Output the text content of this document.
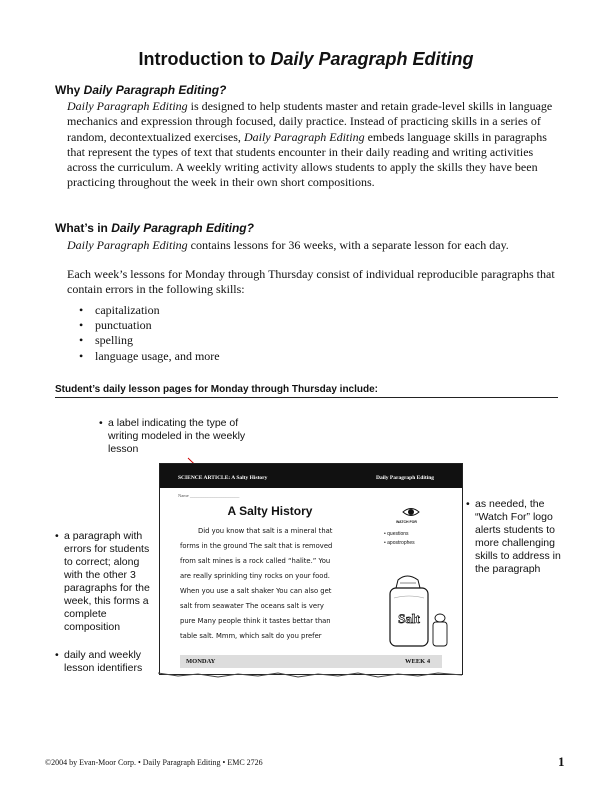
Introduction to Daily Paragraph Editing
Why Daily Paragraph Editing?
Daily Paragraph Editing is designed to help students master and retain grade-level skills in language mechanics and expression through focused, daily practice. Instead of practicing skills in a series of random, decontextualized exercises, Daily Paragraph Editing embeds language skills in paragraphs that represent the types of text that students encounter in their daily reading and writing activities across the curriculum. A weekly writing activity allows students to apply the skills they have been practicing throughout the week in their own short compositions.
What’s in Daily Paragraph Editing?
Daily Paragraph Editing contains lessons for 36 weeks, with a separate lesson for each day.
Each week’s lessons for Monday through Thursday consist of individual reproducible paragraphs that contain errors in the following skills:
• capitalization
• punctuation
• spelling
• language usage, and more
Student’s daily lesson pages for Monday through Thursday include:
• a label indicating the type of writing modeled in the weekly lesson
• a paragraph with errors for students to correct; along with the other 3 paragraphs for the week, this forms a complete composition
• daily and weekly lesson identifiers
• as needed, the “Watch For” logo alerts students to more challenging skills to address in the paragraph
SCIENCE ARTICLE: A Salty History	Daily Paragraph Editing
Name ______________________
A Salty History
Did you know that salt is a mineral that
forms in the ground The salt that is removed
from salt mines is a rock called “halite.” You
are really sprinkling tiny rocks on your food.
When you use a salt shaker You can also get
salt from seawater The oceans salt is very
pure Many people think it tastes bettar than
table salt. Mmm, which salt do you prefer
WATCH FOR
• questions
• apostrophes
Salt
MONDAY	WEEK 4
©2004 by Evan-Moor Corp. • Daily Paragraph Editing • EMC 2726	1
